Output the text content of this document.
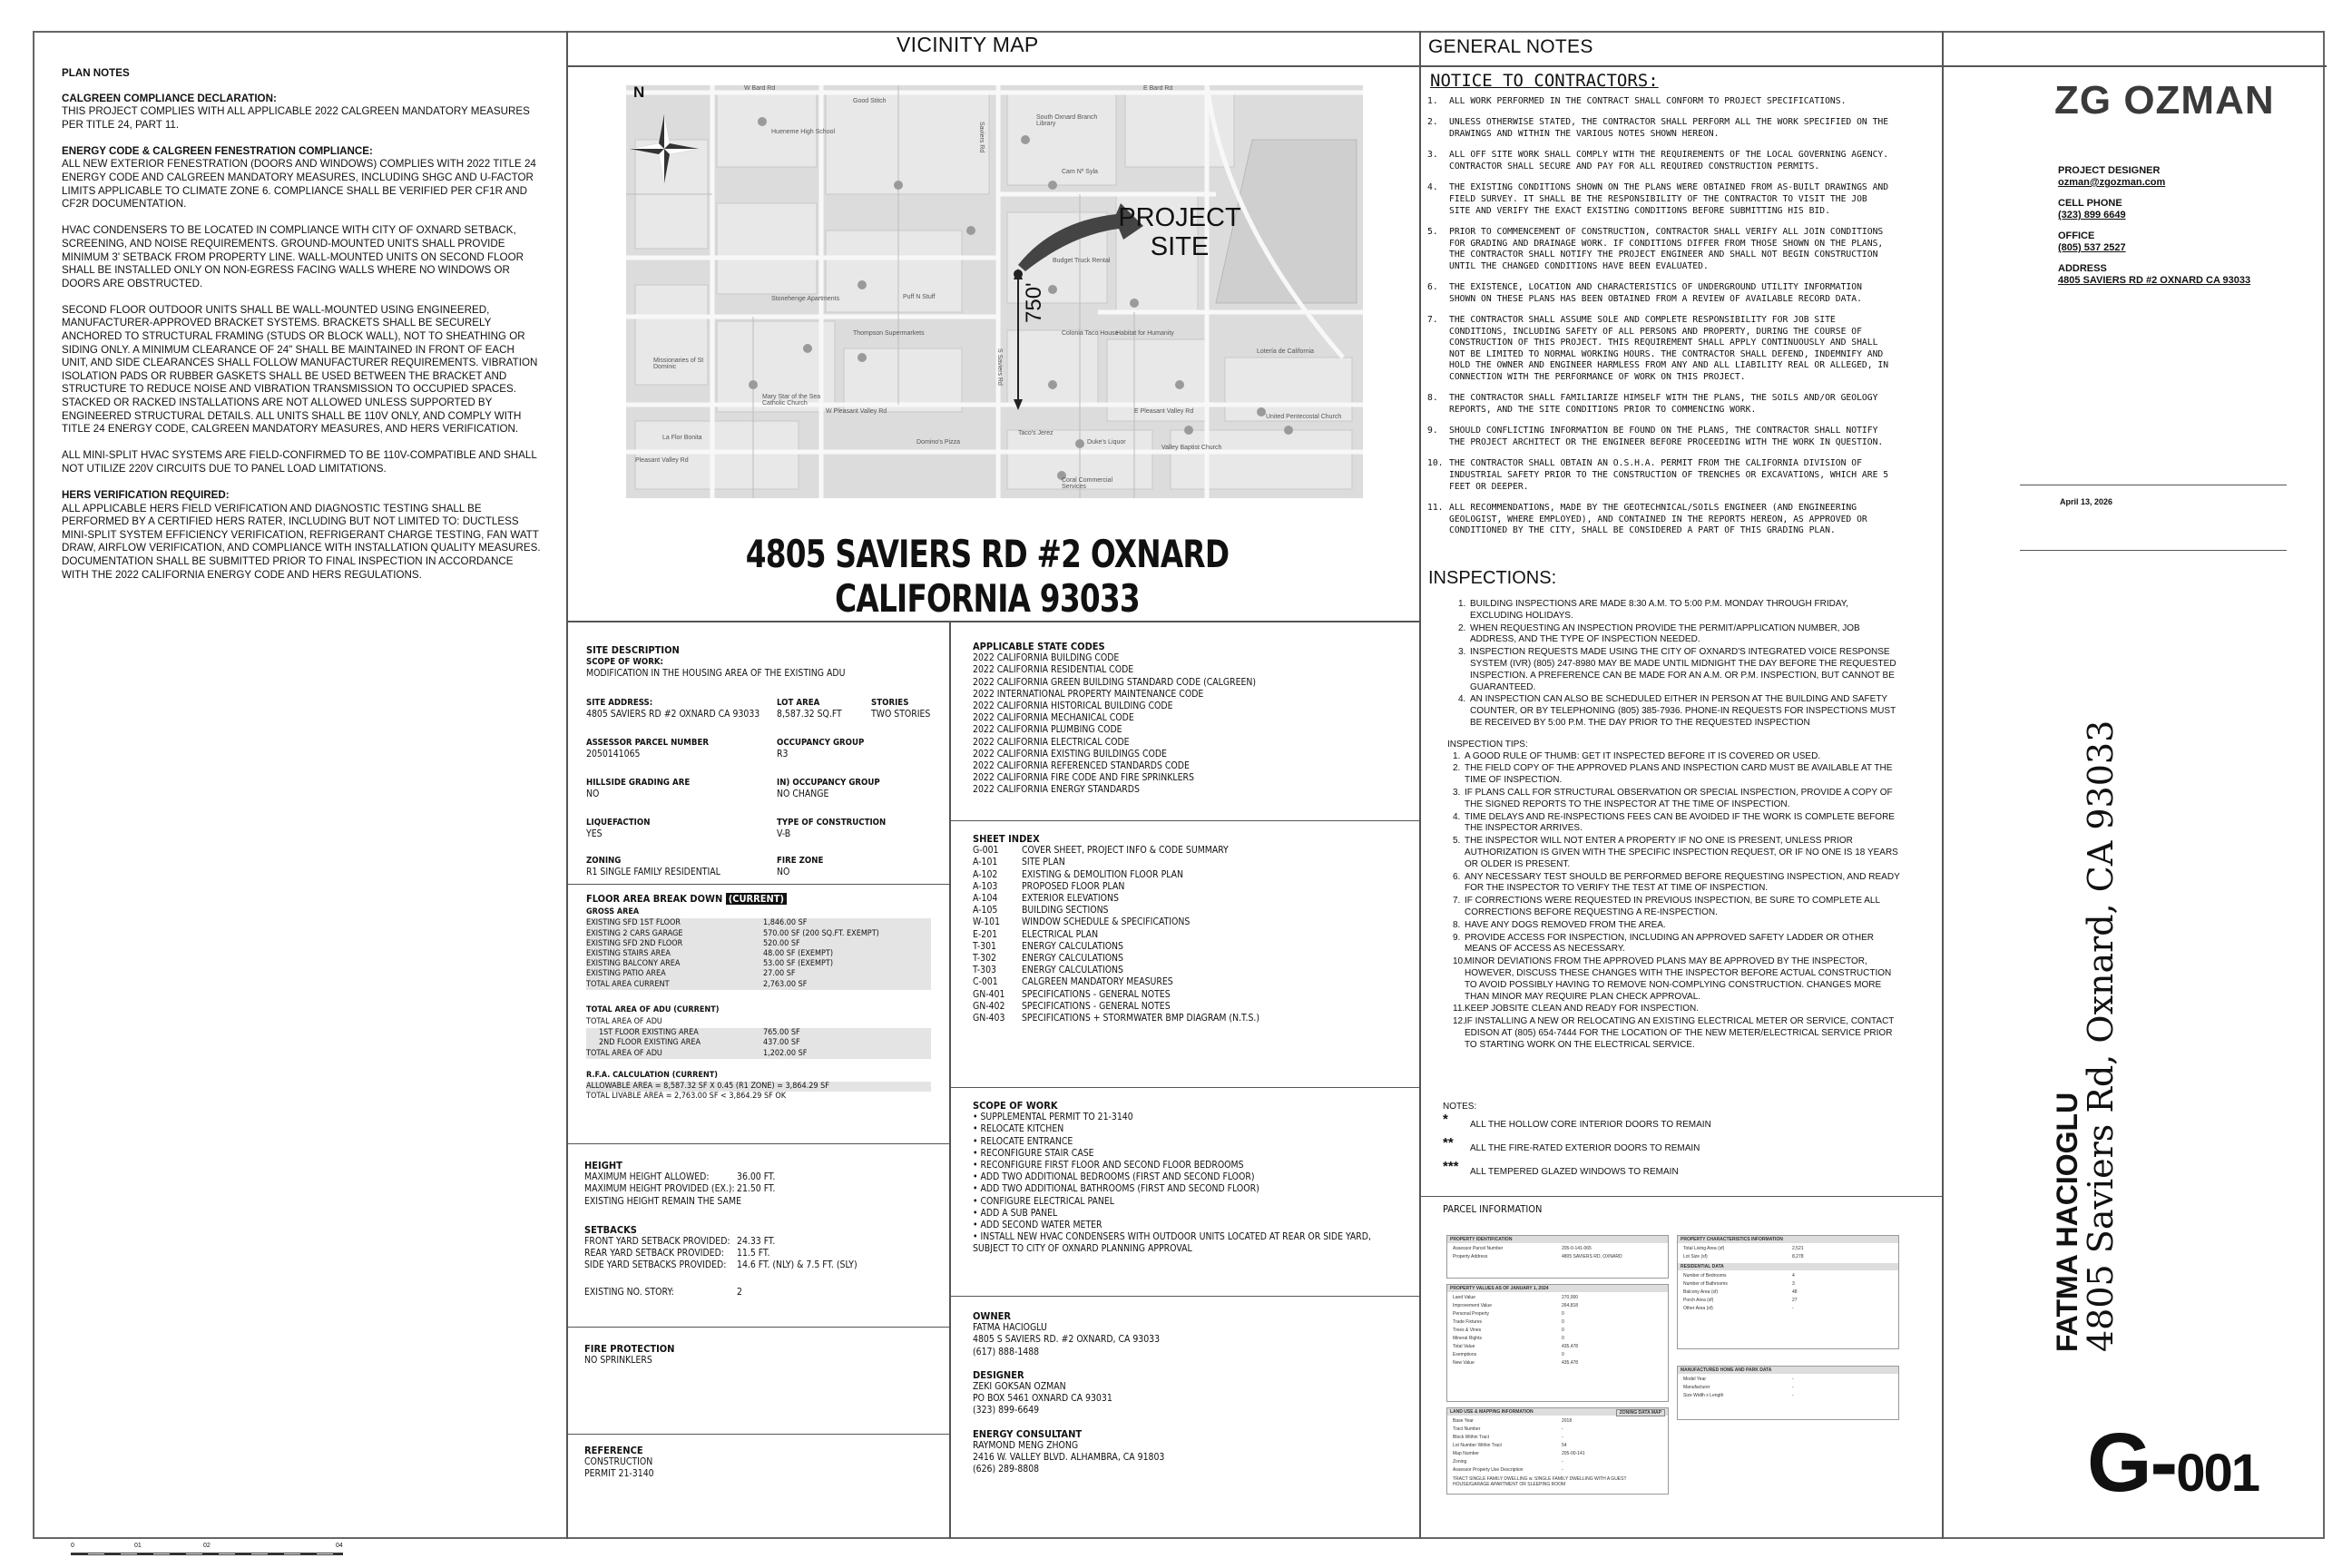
PLAN NOTES
CALGREEN COMPLIANCE DECLARATION:
THIS PROJECT COMPLIES WITH ALL APPLICABLE 2022 CALGREEN MANDATORY MEASURES PER TITLE 24, PART 11.
ENERGY CODE & CALGREEN FENESTRATION COMPLIANCE:
ALL NEW EXTERIOR FENESTRATION (DOORS AND WINDOWS) COMPLIES WITH 2022 TITLE 24 ENERGY CODE AND CALGREEN MANDATORY MEASURES, INCLUDING SHGC AND U-FACTOR LIMITS APPLICABLE TO CLIMATE ZONE 6. COMPLIANCE SHALL BE VERIFIED PER CF1R AND CF2R DOCUMENTATION.
HVAC CONDENSERS TO BE LOCATED IN COMPLIANCE WITH CITY OF OXNARD SETBACK, SCREENING, AND NOISE REQUIREMENTS. GROUND-MOUNTED UNITS SHALL PROVIDE MINIMUM 3' SETBACK FROM PROPERTY LINE. WALL-MOUNTED UNITS ON SECOND FLOOR SHALL BE INSTALLED ONLY ON NON-EGRESS FACING WALLS WHERE NO WINDOWS OR DOORS ARE OBSTRUCTED.
SECOND FLOOR OUTDOOR UNITS SHALL BE WALL-MOUNTED USING ENGINEERED, MANUFACTURER-APPROVED BRACKET SYSTEMS. BRACKETS SHALL BE SECURELY ANCHORED TO STRUCTURAL FRAMING (STUDS OR BLOCK WALL), NOT TO SHEATHING OR SIDING ONLY. A MINIMUM CLEARANCE OF 24" SHALL BE MAINTAINED IN FRONT OF EACH UNIT, AND SIDE CLEARANCES SHALL FOLLOW MANUFACTURER REQUIREMENTS. VIBRATION ISOLATION PADS OR RUBBER GASKETS SHALL BE USED BETWEEN THE BRACKET AND STRUCTURE TO REDUCE NOISE AND VIBRATION TRANSMISSION TO OCCUPIED SPACES. STACKED OR RACKED INSTALLATIONS ARE NOT ALLOWED UNLESS SUPPORTED BY ENGINEERED STRUCTURAL DETAILS. ALL UNITS SHALL BE 110V ONLY, AND COMPLY WITH TITLE 24 ENERGY CODE, CALGREEN MANDATORY MEASURES, AND HERS VERIFICATION.
ALL MINI-SPLIT HVAC SYSTEMS ARE FIELD-CONFIRMED TO BE 110V-COMPATIBLE AND SHALL NOT UTILIZE 220V CIRCUITS DUE TO PANEL LOAD LIMITATIONS.
HERS VERIFICATION REQUIRED:
ALL APPLICABLE HERS FIELD VERIFICATION AND DIAGNOSTIC TESTING SHALL BE PERFORMED BY A CERTIFIED HERS RATER, INCLUDING BUT NOT LIMITED TO: DUCTLESS MINI-SPLIT SYSTEM EFFICIENCY VERIFICATION, REFRIGERANT CHARGE TESTING, FAN WATT DRAW, AIRFLOW VERIFICATION, AND COMPLIANCE WITH INSTALLATION QUALITY MEASURES. DOCUMENTATION SHALL BE SUBMITTED PRIOR TO FINAL INSPECTION IN ACCORDANCE WITH THE 2022 CALIFORNIA ENERGY CODE AND HERS REGULATIONS.
VICINITY MAP
N
PROJECT
SITE
750'
W Bard Rd	E Bard Rd
Saviers Rd
Cam Nº Syla
Thompson Supermarkets
S Saviers Rd
Pleasant Valley Rd
E Pleasant Valley Rd
W Pleasant Valley Rd
Stonehenge Apartments
Hueneme High School
South Oxnard Branch Library
Good Stitch
Budget Truck Rental
Habitat for Humanity
La Flor Bonita
Valley Baptist Church
United Pentecostal Church
Lotería de California
Colonia Taco House
Duke's Liquor
Taco's Jerez
Domino's Pizza
Coral Commercial Services
Mary Star of the Sea Catholic Church
Missionaries of St Dominic
Puff N Stuff
4805 SAVIERS RD #2 OXNARD CALIFORNIA 93033
SITE DESCRIPTION
SCOPE OF WORK:
MODIFICATION IN THE HOUSING AREA OF THE EXISTING ADU
SITE ADDRESS:
4805 SAVIERS RD #2 OXNARD CA 93033
LOT AREA
8,587.32 SQ.FT
STORIES
TWO STORIES
ASSESSOR PARCEL NUMBER
2050141065
OCCUPANCY GROUP
R3
HILLSIDE GRADING ARE
NO
IN) OCCUPANCY GROUP
NO CHANGE
LIQUEFACTION
YES
TYPE OF CONSTRUCTION
V-B
ZONING
R1 SINGLE FAMILY RESIDENTIAL
FIRE ZONE
NO
FLOOR AREA BREAK DOWN (CURRENT)
GROSS AREA
EXISTING SFD 1ST FLOOR	1,846.00 SF
EXISTING 2 CARS GARAGE	570.00 SF (200 SQ.FT. EXEMPT)
EXISTING SFD 2ND FLOOR	520.00 SF
EXISTING STAIRS AREA	48.00 SF (EXEMPT)
EXISTING BALCONY AREA	53.00 SF (EXEMPT)
EXISTING PATIO AREA	27.00 SF
TOTAL AREA CURRENT	2,763.00 SF
TOTAL AREA OF ADU (CURRENT)
TOTAL AREA OF ADU
1ST FLOOR EXISTING AREA	765.00 SF
2ND FLOOR EXISTING AREA	437.00 SF
TOTAL AREA OF ADU	1,202.00 SF
R.F.A. CALCULATION (CURRENT)
ALLOWABLE AREA = 8,587.32 SF X 0.45 (R1 ZONE) = 3,864.29 SF
TOTAL LIVABLE AREA = 2,763.00 SF < 3,864.29 SF OK
HEIGHT
MAXIMUM HEIGHT ALLOWED:	36.00 FT.
MAXIMUM HEIGHT PROVIDED (EX.): 21.50 FT.
EXISTING HEIGHT REMAIN THE SAME
SETBACKS
FRONT YARD SETBACK PROVIDED: 24.33 FT.
REAR YARD SETBACK PROVIDED:	11.5 FT.
SIDE YARD SETBACKS PROVIDED:	14.6 FT. (NLY) & 7.5 FT. (SLY)
EXISTING NO. STORY:	2
FIRE PROTECTION
NO SPRINKLERS
REFERENCE
CONSTRUCTION
PERMIT 21-3140
APPLICABLE STATE CODES
2022 CALIFORNIA BUILDING CODE
2022 CALIFORNIA RESIDENTIAL CODE
2022 CALIFORNIA GREEN BUILDING STANDARD CODE (CALGREEN)
2022 INTERNATIONAL PROPERTY MAINTENANCE CODE
2022 CALIFORNIA HISTORICAL BUILDING CODE
2022 CALIFORNIA MECHANICAL CODE
2022 CALIFORNIA PLUMBING CODE
2022 CALIFORNIA ELECTRICAL CODE
2022 CALIFORNIA EXISTING BUILDINGS CODE
2022 CALIFORNIA REFERENCED STANDARDS CODE
2022 CALIFORNIA FIRE CODE AND FIRE SPRINKLERS
2022 CALIFORNIA ENERGY STANDARDS
SHEET INDEX
G-001	COVER SHEET, PROJECT INFO & CODE SUMMARY
A-101	SITE PLAN
A-102	EXISTING & DEMOLITION FLOOR PLAN
A-103	PROPOSED FLOOR PLAN
A-104	EXTERIOR ELEVATIONS
A-105	BUILDING SECTIONS
W-101	WINDOW SCHEDULE & SPECIFICATIONS
E-201	ELECTRICAL PLAN
T-301	ENERGY CALCULATIONS
T-302	ENERGY CALCULATIONS
T-303	ENERGY CALCULATIONS
C-001	CALGREEN MANDATORY MEASURES
GN-401	SPECIFICATIONS - GENERAL NOTES
GN-402	SPECIFICATIONS - GENERAL NOTES
GN-403	SPECIFICATIONS + STORMWATER BMP DIAGRAM (N.T.S.)
SCOPE OF WORK
• SUPPLEMENTAL PERMIT TO 21-3140
• RELOCATE KITCHEN
• RELOCATE ENTRANCE
• RECONFIGURE STAIR CASE
• RECONFIGURE FIRST FLOOR AND SECOND FLOOR BEDROOMS
• ADD TWO ADDITIONAL BEDROOMS (FIRST AND SECOND FLOOR)
• ADD TWO ADDITIONAL BATHROOMS (FIRST AND SECOND FLOOR)
• CONFIGURE ELECTRICAL PANEL
• ADD A SUB PANEL
• ADD SECOND WATER METER
• INSTALL NEW HVAC CONDENSERS WITH OUTDOOR UNITS LOCATED AT REAR OR SIDE YARD, SUBJECT TO CITY OF OXNARD PLANNING APPROVAL
OWNER
FATMA HACIOGLU
4805 S SAVIERS RD. #2 OXNARD, CA 93033
(617) 888-1488
DESIGNER
ZEKI GOKSAN OZMAN
PO BOX 5461 OXNARD CA 93031
(323) 899-6649
ENERGY CONSULTANT
RAYMOND MENG ZHONG
2416 W. VALLEY BLVD. ALHAMBRA, CA 91803
(626) 289-8808
GENERAL NOTES
NOTICE TO CONTRACTORS:
1.	ALL WORK PERFORMED IN THE CONTRACT SHALL CONFORM TO PROJECT SPECIFICATIONS.
2.	UNLESS OTHERWISE STATED, THE CONTRACTOR SHALL PERFORM ALL THE WORK SPECIFIED ON THE DRAWINGS AND WITHIN THE VARIOUS NOTES SHOWN HEREON.
3.	ALL OFF SITE WORK SHALL COMPLY WITH THE REQUIREMENTS OF THE LOCAL GOVERNING AGENCY. CONTRACTOR SHALL SECURE AND PAY FOR ALL REQUIRED CONSTRUCTION PERMITS.
4.	THE EXISTING CONDITIONS SHOWN ON THE PLANS WERE OBTAINED FROM AS-BUILT DRAWINGS AND FIELD SURVEY. IT SHALL BE THE RESPONSIBILITY OF THE CONTRACTOR TO VISIT THE JOB SITE AND VERIFY THE EXACT EXISTING CONDITIONS BEFORE SUBMITTING HIS BID.
5.	PRIOR TO COMMENCEMENT OF CONSTRUCTION, CONTRACTOR SHALL VERIFY ALL JOIN CONDITIONS FOR GRADING AND DRAINAGE WORK. IF CONDITIONS DIFFER FROM THOSE SHOWN ON THE PLANS, THE CONTRACTOR SHALL NOTIFY THE PROJECT ENGINEER AND SHALL NOT BEGIN CONSTRUCTION UNTIL THE CHANGED CONDITIONS HAVE BEEN EVALUATED.
6.	THE EXISTENCE, LOCATION AND CHARACTERISTICS OF UNDERGROUND UTILITY INFORMATION SHOWN ON THESE PLANS HAS BEEN OBTAINED FROM A REVIEW OF AVAILABLE RECORD DATA.
7.	THE CONTRACTOR SHALL ASSUME SOLE AND COMPLETE RESPONSIBILITY FOR JOB SITE CONDITIONS, INCLUDING SAFETY OF ALL PERSONS AND PROPERTY, DURING THE COURSE OF CONSTRUCTION OF THIS PROJECT. THIS REQUIREMENT SHALL APPLY CONTINUOUSLY AND SHALL NOT BE LIMITED TO NORMAL WORKING HOURS. THE CONTRACTOR SHALL DEFEND, INDEMNIFY AND HOLD THE OWNER AND ENGINEER HARMLESS FROM ANY AND ALL LIABILITY REAL OR ALLEGED, IN CONNECTION WITH THE PERFORMANCE OF WORK ON THIS PROJECT.
8.	THE CONTRACTOR SHALL FAMILIARIZE HIMSELF WITH THE PLANS, THE SOILS AND/OR GEOLOGY REPORTS, AND THE SITE CONDITIONS PRIOR TO COMMENCING WORK.
9.	SHOULD CONFLICTING INFORMATION BE FOUND ON THE PLANS, THE CONTRACTOR SHALL NOTIFY THE PROJECT ARCHITECT OR THE ENGINEER BEFORE PROCEEDING WITH THE WORK IN QUESTION.
10. THE CONTRACTOR SHALL OBTAIN AN O.S.H.A. PERMIT FROM THE CALIFORNIA DIVISION OF INDUSTRIAL SAFETY PRIOR TO THE CONSTRUCTION OF TRENCHES OR EXCAVATIONS, WHICH ARE 5 FEET OR DEEPER.
11. ALL RECOMMENDATIONS, MADE BY THE GEOTECHNICAL/SOILS ENGINEER (AND ENGINEERING GEOLOGIST, WHERE EMPLOYED), AND CONTAINED IN THE REPORTS HEREON, AS APPROVED OR CONDITIONED BY THE CITY, SHALL BE CONSIDERED A PART OF THIS GRADING PLAN.
INSPECTIONS:
1. BUILDING INSPECTIONS ARE MADE 8:30 A.M. TO 5:00 P.M. MONDAY THROUGH FRIDAY, EXCLUDING HOLIDAYS.
2. WHEN REQUESTING AN INSPECTION PROVIDE THE PERMIT/APPLICATION NUMBER, JOB ADDRESS, AND THE TYPE OF INSPECTION NEEDED.
3. INSPECTION REQUESTS MADE USING THE CITY OF OXNARD'S INTEGRATED VOICE RESPONSE SYSTEM (IVR) (805) 247-8980 MAY BE MADE UNTIL MIDNIGHT THE DAY BEFORE THE REQUESTED INSPECTION. A PREFERENCE CAN BE MADE FOR AN A.M. OR P.M. INSPECTION, BUT CANNOT BE GUARANTEED.
4. AN INSPECTION CAN ALSO BE SCHEDULED EITHER IN PERSON AT THE BUILDING AND SAFETY COUNTER, OR BY TELEPHONING (805) 385-7936. PHONE-IN REQUESTS FOR INSPECTIONS MUST BE RECEIVED BY 5:00 P.M. THE DAY PRIOR TO THE REQUESTED INSPECTION
INSPECTION TIPS:
1. A GOOD RULE OF THUMB: GET IT INSPECTED BEFORE IT IS COVERED OR USED.
2. THE FIELD COPY OF THE APPROVED PLANS AND INSPECTION CARD MUST BE AVAILABLE AT THE TIME OF INSPECTION.
3. IF PLANS CALL FOR STRUCTURAL OBSERVATION OR SPECIAL INSPECTION, PROVIDE A COPY OF THE SIGNED REPORTS TO THE INSPECTOR AT THE TIME OF INSPECTION.
4. TIME DELAYS AND RE-INSPECTIONS FEES CAN BE AVOIDED IF THE WORK IS COMPLETE BEFORE THE INSPECTOR ARRIVES.
5. THE INSPECTOR WILL NOT ENTER A PROPERTY IF NO ONE IS PRESENT, UNLESS PRIOR AUTHORIZATION IS GIVEN WITH THE SPECIFIC INSPECTION REQUEST, OR IF NO ONE IS 18 YEARS OR OLDER IS PRESENT.
6. ANY NECESSARY TEST SHOULD BE PERFORMED BEFORE REQUESTING INSPECTION, AND READY FOR THE INSPECTOR TO VERIFY THE TEST AT TIME OF INSPECTION.
7. IF CORRECTIONS WERE REQUESTED IN PREVIOUS INSPECTION, BE SURE TO COMPLETE ALL CORRECTIONS BEFORE REQUESTING A RE-INSPECTION.
8. HAVE ANY DOGS REMOVED FROM THE AREA.
9. PROVIDE ACCESS FOR INSPECTION, INCLUDING AN APPROVED SAFETY LADDER OR OTHER MEANS OF ACCESS AS NECESSARY.
10. MINOR DEVIATIONS FROM THE APPROVED PLANS MAY BE APPROVED BY THE INSPECTOR, HOWEVER, DISCUSS THESE CHANGES WITH THE INSPECTOR BEFORE ACTUAL CONSTRUCTION TO AVOID POSSIBLY HAVING TO REMOVE NON-COMPLYING CONSTRUCTION. CHANGES MORE THAN MINOR MAY REQUIRE PLAN CHECK APPROVAL.
11. KEEP JOBSITE CLEAN AND READY FOR INSPECTION.
12. IF INSTALLING A NEW OR RELOCATING AN EXISTING ELECTRICAL METER OR SERVICE, CONTACT EDISON AT (805) 654-7444 FOR THE LOCATION OF THE NEW METER/ELECTRICAL SERVICE PRIOR TO STARTING WORK ON THE ELECTRICAL SERVICE.
NOTES:
*	ALL THE HOLLOW CORE INTERIOR DOORS TO REMAIN
**	ALL THE FIRE-RATED EXTERIOR DOORS TO REMAIN
***	ALL TEMPERED GLAZED WINDOWS TO REMAIN
PARCEL INFORMATION
PROPERTY IDENTIFICATION
Assessor Parcel Number	205-0-141-065
Property Address	4805 SAVIERS RD, OXNARD
PROPERTY VALUES AS OF JANUARY 1, 2024
Land Value	270,000
Improvement Value	264,818
Personal Property	0
Trade Fixtures	0
Trees & Vines	0
Mineral Rights	0
Total Value	435,478
Exemptions	0
New Value	435,478
LAND USE & MAPPING INFORMATION	ZONING DATA MAP
Base Year	2018
Tract Number	-
Block Within Tract	-
Lot Number Within Tract	54
Map Number	205-00-141
Zoning	-
Assessor Property Use Description	-
TRACT SINGLE FAMILY DWELLING w. SINGLE FAMILY DWELLING WITH A GUEST HOUSE/GARAGE APARTMENT OR SLEEPING ROOM
PROPERTY CHARACTERISTICS INFORMATION
Total Living Area (sf)	2,521
Lot Size (sf)	8,278
RESIDENTIAL DATA
Number of Bedrooms	4
Number of Bathrooms	3
Balcony Area (sf)	48
Porch Area (sf)	27
Other Area (sf)	-
MANUFACTURED HOME AND PARK DATA
Model Year	-
Manufacturer	-
Size Width x Length	-
ZG OZMAN
PROJECT DESIGNER
ozman@zgozman.com
CELL PHONE
(323) 899 6649
OFFICE
(805) 537 2527
ADDRESS
4805 SAVIERS RD #2 OXNARD CA 93033
April 13, 2026
FATMA HACIOGLU
4805 Saviers Rd, Oxnard, CA 93033
G-001
0	01	02	04
